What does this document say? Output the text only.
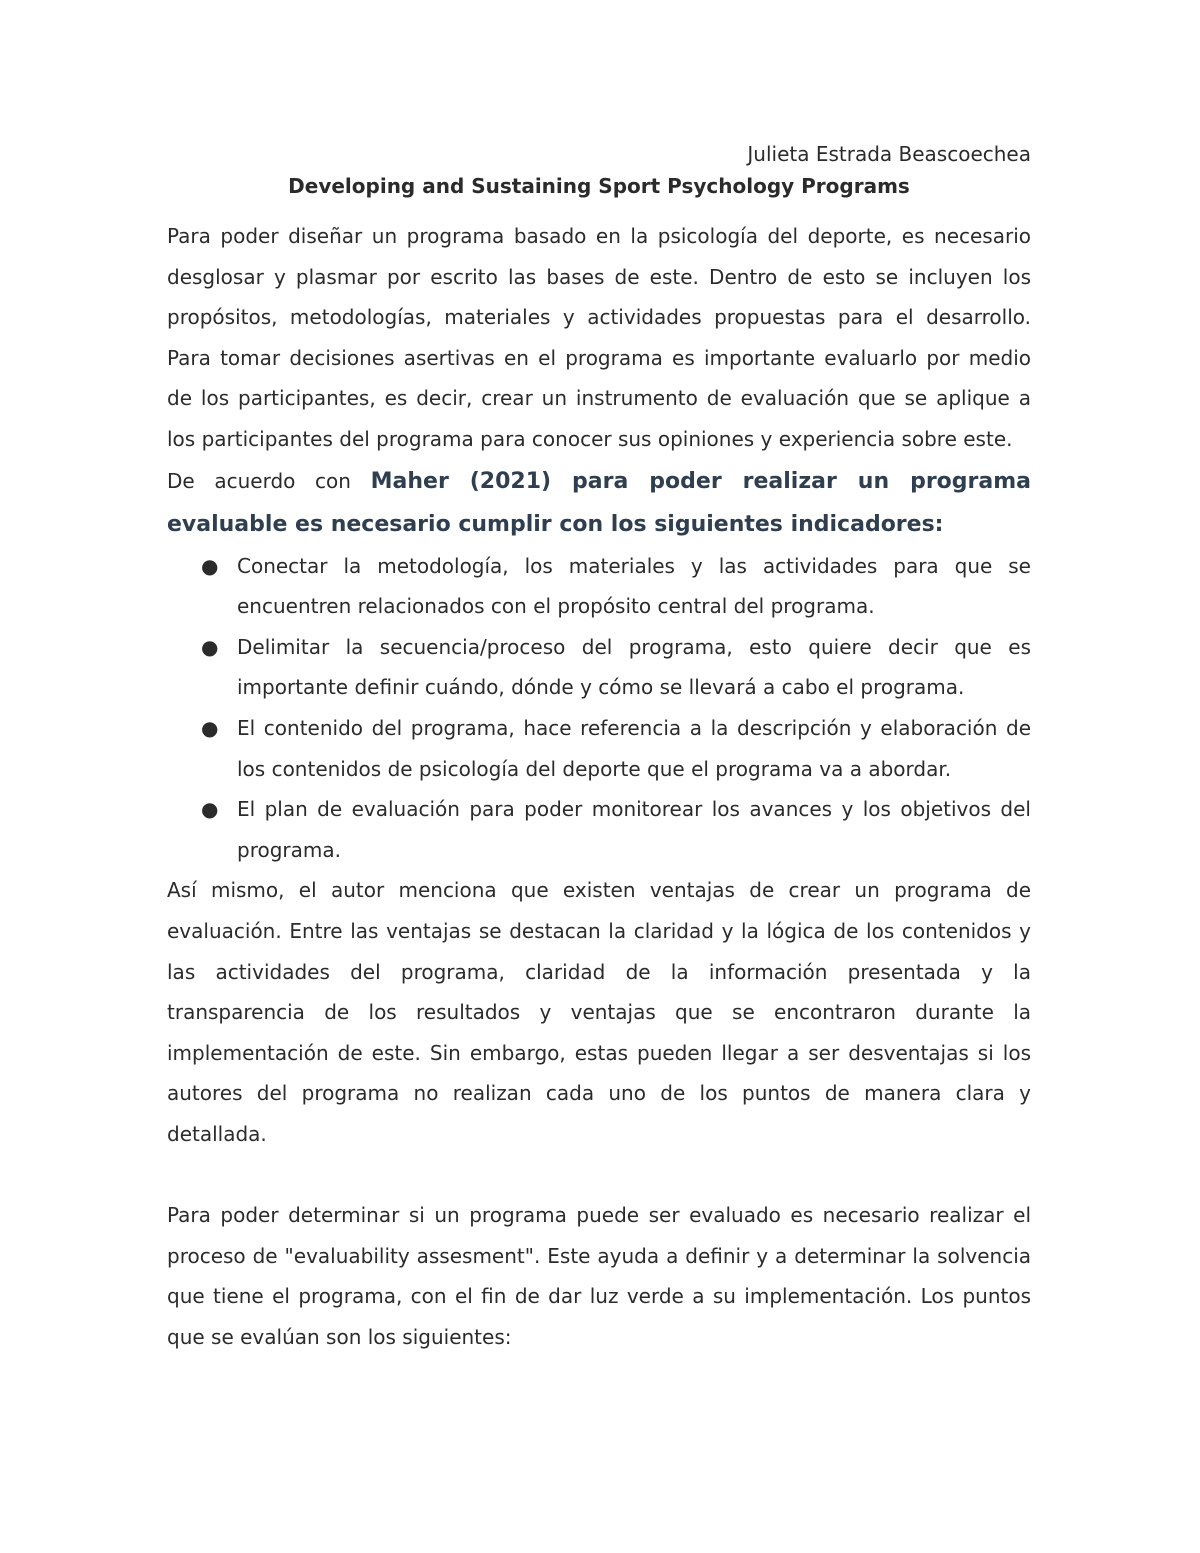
Julieta Estrada Beascoechea

Developing and Sustaining Sport Psychology Programs

Para poder diseñar un programa basado en la psicología del deporte, es necesario desglosar y plasmar por escrito las bases de este. Dentro de esto se incluyen los propósitos, metodologías, materiales y actividades propuestas para el desarrollo. Para tomar decisiones asertivas en el programa es importante evaluarlo por medio de los participantes, es decir, crear un instrumento de evaluación que se aplique a los participantes del programa para conocer sus opiniones y experiencia sobre este.

De acuerdo con Maher (2021) para poder realizar un programa evaluable es necesario cumplir con los siguientes indicadores:

● Conectar la metodología, los materiales y las actividades para que se encuentren relacionados con el propósito central del programa.
● Delimitar la secuencia/proceso del programa, esto quiere decir que es importante definir cuándo, dónde y cómo se llevará a cabo el programa.
● El contenido del programa, hace referencia a la descripción y elaboración de los contenidos de psicología del deporte que el programa va a abordar.
● El plan de evaluación para poder monitorear los avances y los objetivos del programa.

Así mismo, el autor menciona que existen ventajas de crear un programa de evaluación. Entre las ventajas se destacan la claridad y la lógica de los contenidos y las actividades del programa, claridad de la información presentada y la transparencia de los resultados y ventajas que se encontraron durante la implementación de este. Sin embargo, estas pueden llegar a ser desventajas si los autores del programa no realizan cada uno de los puntos de manera clara y detallada.

Para poder determinar si un programa puede ser evaluado es necesario realizar el proceso de "evaluability assesment". Este ayuda a definir y a determinar la solvencia que tiene el programa, con el fin de dar luz verde a su implementación. Los puntos que se evalúan son los siguientes:
